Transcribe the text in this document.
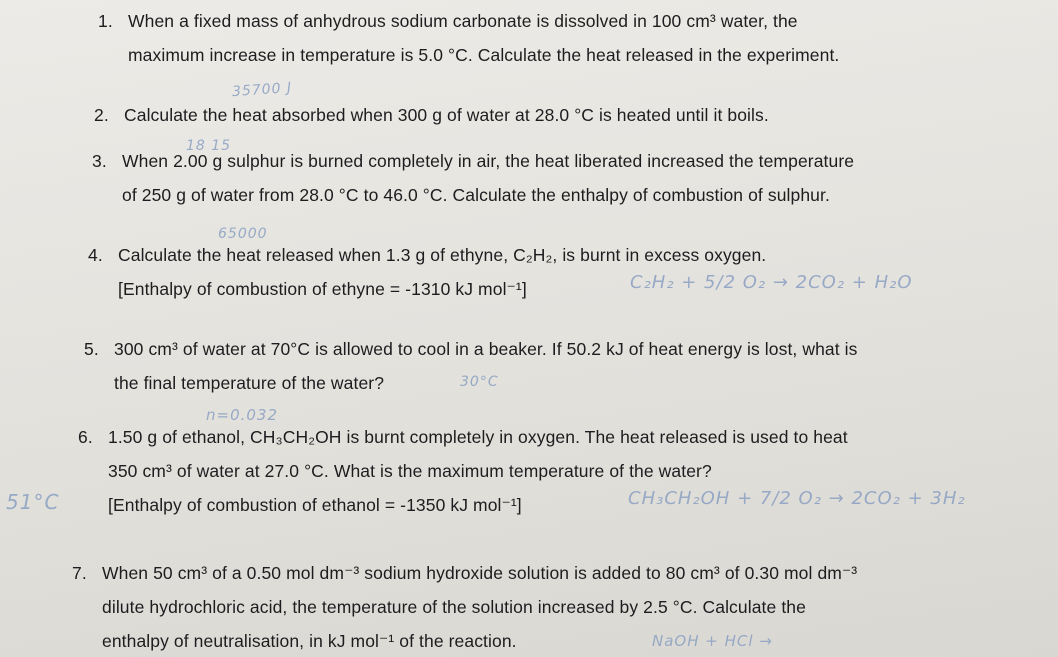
1. When a fixed mass of anhydrous sodium carbonate is dissolved in 100 cm³ water, the
maximum increase in temperature is 5.0 °C. Calculate the heat released in the experiment.
2. Calculate the heat absorbed when 300 g of water at 28.0 °C is heated until it boils.
3. When 2.00 g sulphur is burned completely in air, the heat liberated increased the temperature
of 250 g of water from 28.0 °C to 46.0 °C. Calculate the enthalpy of combustion of sulphur.
4. Calculate the heat released when 1.3 g of ethyne, C₂H₂, is burnt in excess oxygen.
[Enthalpy of combustion of ethyne = -1310 kJ mol⁻¹]
5. 300 cm³ of water at 70°C is allowed to cool in a beaker. If 50.2 kJ of heat energy is lost, what is
the final temperature of the water?
6. 1.50 g of ethanol, CH₃CH₂OH is burnt completely in oxygen. The heat released is used to heat
350 cm³ of water at 27.0 °C. What is the maximum temperature of the water?
[Enthalpy of combustion of ethanol = -1350 kJ mol⁻¹]
7. When 50 cm³ of a 0.50 mol dm⁻³ sodium hydroxide solution is added to 80 cm³ of 0.30 mol dm⁻³
dilute hydrochloric acid, the temperature of the solution increased by 2.5 °C. Calculate the
enthalpy of neutralisation, in kJ mol⁻¹ of the reaction.
35700 J
18 15
65000
C₂H₂ + 5/2 O₂ → 2CO₂ + H₂O
30°C
n=0.032
51°C	CH₃CH₂OH + 7/2 O₂ → 2CO₂ + 3H₂
NaOH + HCl →
